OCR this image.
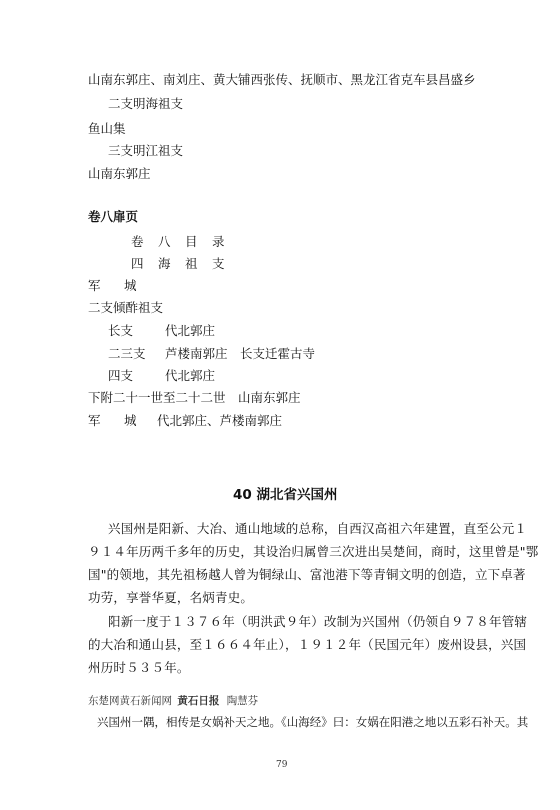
山南东郭庄、南刘庄、黄大铺西张传、抚顺市、黑龙江省克车县昌盛乡
二支明海祖支
鱼山集
三支明江祖支
山南东郭庄
卷八扉页
卷　八　目　录
四　海　祖　支
军 城
二支倾酢祖支
长支	代北郭庄
二三支 芦楼南郭庄　长支迁霍古寺
四支	代北郭庄
下附二十一世至二十二世　山南东郭庄
军 城 代北郭庄、芦楼南郭庄
40 湖北省兴国州
兴国州是阳新、大冶、通山地域的总称，自西汉高祖六年建置，直至公元１
９１４年历两千多年的历史，其设治归属曾三次进出吴楚间，商时，这里曾是"鄂
国"的领地，其先祖杨越人曾为铜绿山、富池港下等青铜文明的创造，立下卓著
功劳，享誉华夏，名炳青史。
阳新一度于１３７６年（明洪武９年）改制为兴国州（仍领自９７８年管辖
的大冶和通山县，至１６６４年止），１９１２年（民国元年）废州设县，兴国
州历时５３５年。
东楚网黄石新闻网 黄石日报 陶慧芬
兴国州一隅，相传是女娲补天之地。《山海经》曰：女娲在阳港之地以五彩石补天。其
79
